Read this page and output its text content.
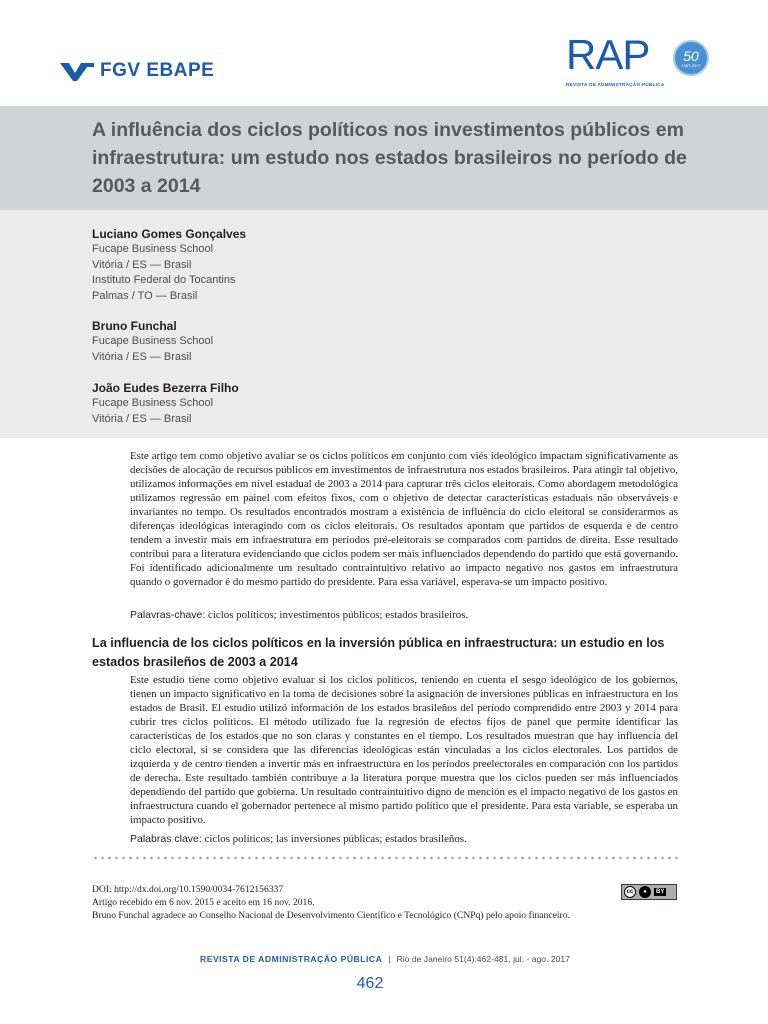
FGV EBAPE	RAP
REVISTA DE ADMINISTRAÇÃO PÚBLICA
50
1967-2017
A influência dos ciclos políticos nos investimentos públicos em infraestrutura: um estudo nos estados brasileiros no período de 2003 a 2014
Luciano Gomes Gonçalves
Fucape Business School
Vitória / ES — Brasil
Instituto Federal do Tocantins
Palmas / TO — Brasil
Bruno Funchal
Fucape Business School
Vitória / ES — Brasil
João Eudes Bezerra Filho
Fucape Business School
Vitória / ES — Brasil

Este artigo tem como objetivo avaliar se os ciclos políticos em conjunto com viés ideológico impactam significativamente as decisões de alocação de recursos públicos em investimentos de infraestrutura nos estados brasileiros. Para atingir tal objetivo, utilizamos informações em nível estadual de 2003 a 2014 para capturar três ciclos eleitorais. Como abordagem metodológica utilizamos regressão em painel com efeitos fixos, com o objetivo de detectar características estaduais não observáveis e invariantes no tempo. Os resultados encontrados mostram a existência de influência do ciclo eleitoral se considerarmos as diferenças ideológicas interagindo com os ciclos eleitorais. Os resultados apontam que partidos de esquerda e de centro tendem a investir mais em infraestrutura em períodos pré-eleitorais se comparados com partidos de direita. Esse resultado contribui para a literatura evidenciando que ciclos podem ser mais influenciados dependendo do partido que está governando. Foi identificado adicionalmente um resultado contraintuitivo relativo ao impacto negativo nos gastos em infraestrutura quando o governador é do mesmo partido do presidente. Para essa variável, esperava-se um impacto positivo.

Palavras-chave: ciclos políticos; investimentos públicos; estados brasileiros.
La influencia de los ciclos políticos en la inversión pública en infraestructura: un estudio en los estados brasileños de 2003 a 2014

Este estudio tiene como objetivo evaluar si los ciclos políticos, teniendo en cuenta el sesgo ideológico de los gobiernos, tienen un impacto significativo en la toma de decisiones sobre la asignación de inversiones públicas en infraestructura en los estados de Brasil. El estudio utilizó información de los estados brasileños del período comprendido entre 2003 y 2014 para cubrir tres ciclos políticos. El método utilizado fue la regresión de efectos fijos de panel que permite identificar las características de los estados que no son claras y constantes en el tiempo. Los resultados muestran que hay influencia del ciclo electoral, si se considera que las diferencias ideológicas están vinculadas a los ciclos electorales. Los partidos de izquierda y de centro tienden a invertir más en infraestructura en los períodos preelectorales en comparación con los partidos de derecha. Este resultado también contribuye a la literatura porque muestra que los ciclos pueden ser más influenciados dependiendo del partido que gobierna. Un resultado contraintuitivo digno de mención es el impacto negativo de los gastos en infraestructura cuando el gobernador pertenece al mismo partido político que el presidente. Para esta variable, se esperaba un impacto positivo.

Palabras clave: ciclos políticos; las inversiones públicas; estados brasileños.
DOI: http://dx.doi.org/10.1590/0034-7612156337
Artigo recebido em 6 nov. 2015 e aceito em 16 nov. 2016.
Bruno Funchal agradece ao Conselho Nacional de Desenvolvimento Científico e Tecnológico (CNPq) pelo apoio financeiro.
cc	●	BY
REVISTA DE ADMINISTRAÇÃO PÚBLICA | Rio de Janeiro 51(4):462-481, jul. - ago. 2017
462
